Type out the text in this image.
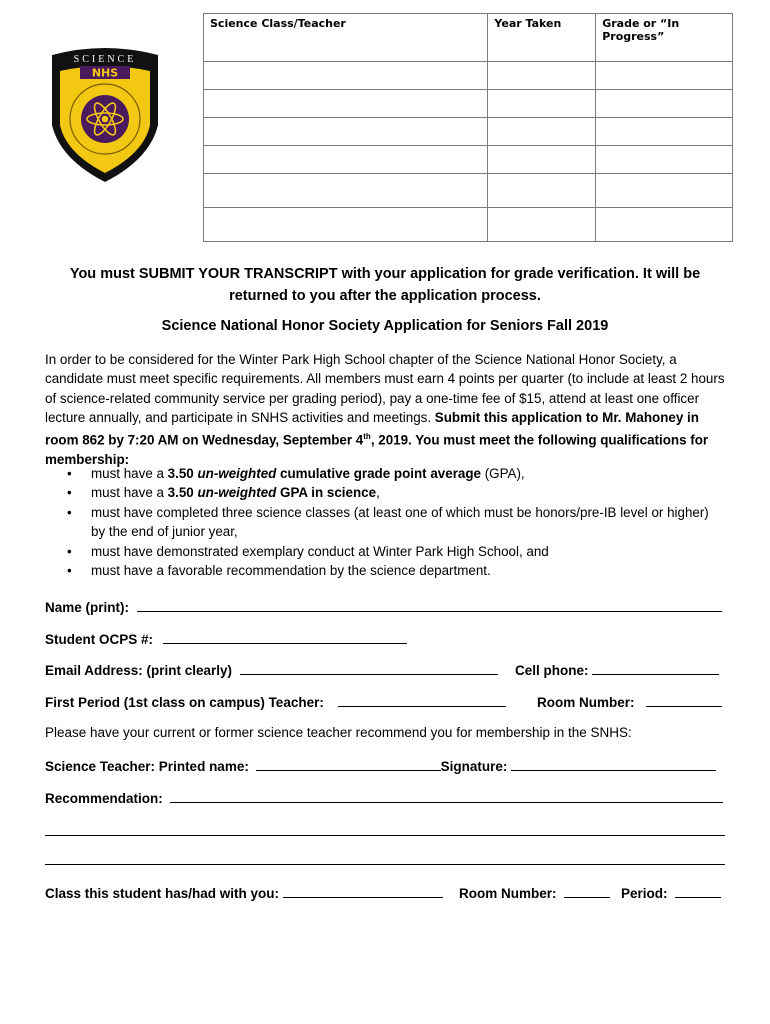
SCIENCE
NHS
Science Class/Teacher	Year Taken	Grade or “In Progress”

You must SUBMIT YOUR TRANSCRIPT with your application for grade verification. It will be returned to you after the application process.
Science National Honor Society Application for Seniors Fall 2019
In order to be considered for the Winter Park High School chapter of the Science National Honor Society, a candidate must meet specific requirements. All members must earn 4 points per quarter (to include at least 2 hours of science-related community service per grading period), pay a one-time fee of $15, attend at least one officer lecture annually, and participate in SNHS activities and meetings. Submit this application to Mr. Mahoney in room 862 by 7:20 AM on Wednesday, September 4th, 2019. You must meet the following qualifications for membership:
• must have a 3.50 un-weighted cumulative grade point average (GPA),
• must have a 3.50 un-weighted GPA in science,
• must have completed three science classes (at least one of which must be honors/pre-IB level or higher) by the end of junior year,
• must have demonstrated exemplary conduct at Winter Park High School, and
• must have a favorable recommendation by the science department.
Name (print):
Student OCPS #:
Email Address: (print clearly)	Cell phone:
First Period (1st class on campus) Teacher:	Room Number:
Please have your current or former science teacher recommend you for membership in the SNHS:
Science Teacher: Printed name:	Signature:
Recommendation:
Class this student has/had with you:	Room Number:	Period:
